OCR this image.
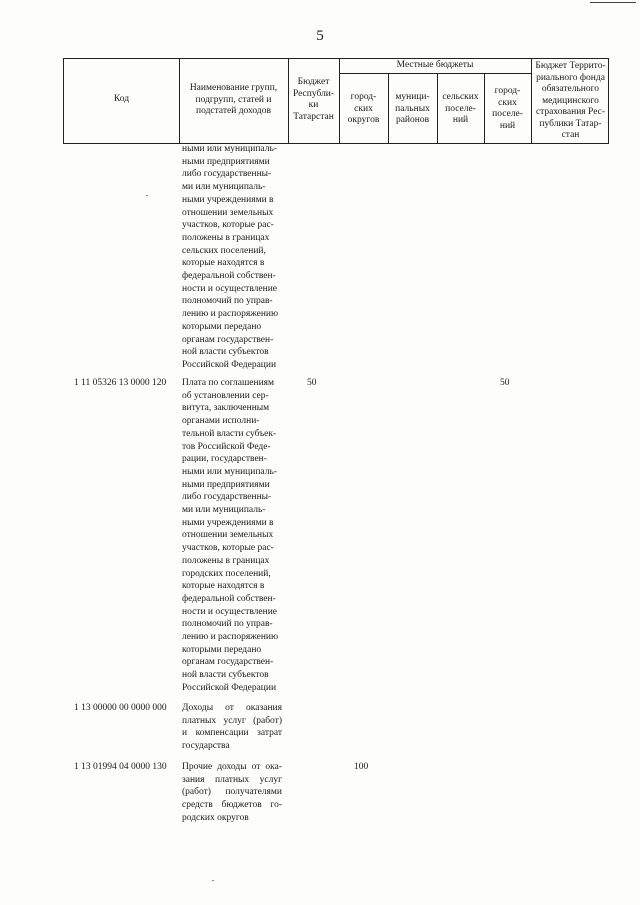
5
Код
Наименование групп,
подгрупп, статей и
подстатей доходов
Бюджет
Республи-
ки
Татарстан
Местные бюджеты
город-
ских
округов
муници-
пальных
районов
сельских
поселе-
ний
город-
ских
поселе-
ний
Бюджет Террито-
риального фонда
обязательного
медицинского
страхования Рес-
публики Татар-
стан
ными или муниципаль-
ными предприятиями
либо государственны-
ми или муниципаль-
ными учреждениями в
отношении земельных
участков, которые рас-
положены в границах
сельских поселений,
которые находятся в
федеральной собствен-
ности и осуществление
полномочий по управ-
лению и распоряжению
которыми передано
органам государствен-
ной власти субъектов
Российской Федерации
1 11 05326 13 0000 120 Плата по соглашениям
об установлении сер-
витута, заключенным
органами исполни-
тельной власти субъек-
тов Российской Феде-
рации, государствен-
ными или муниципаль-
ными предприятиями
либо государственны-
ми или муниципаль-
ными учреждениями в
отношении земельных
участков, которые рас-
положены в границах
городских поселений,
которые находятся в
федеральной собствен-
ности и осуществление
полномочий по управ-
лению и распоряжению
которыми передано
органам государствен-
ной власти субъектов
Российской Федерации
50	50
1 13 00000 00 0000 000 Доходы от оказания
платных услуг (работ)
и компенсации затрат
государства
1 13 01994 04 0000 130 Прочие доходы от ока-
зания платных услуг
(работ) получателями
средств бюджетов го-
родских округов
100
